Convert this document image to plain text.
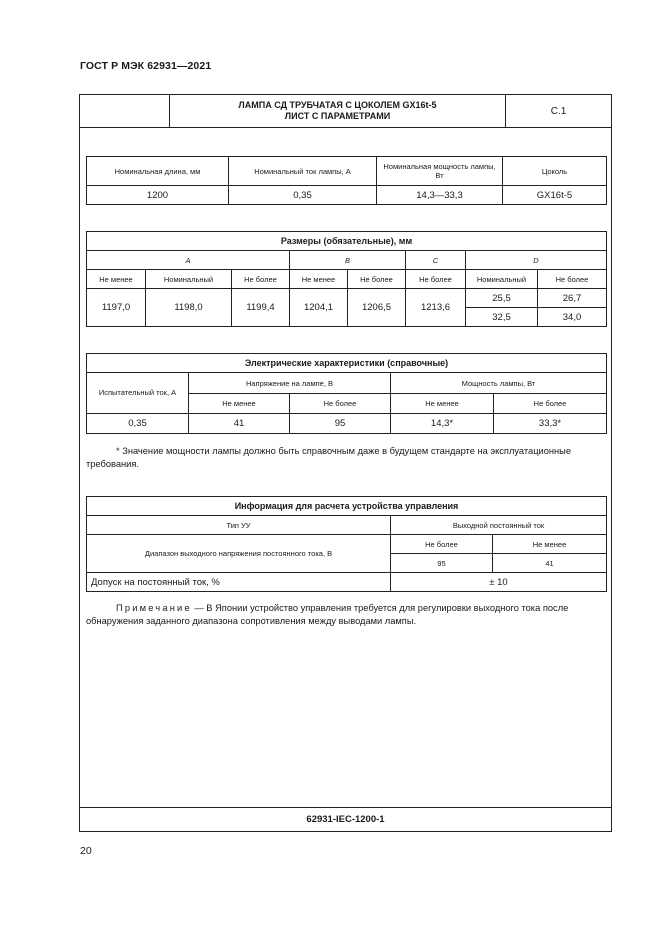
ГОСТ Р МЭК 62931—2021
ЛАМПА СД ТРУБЧАТАЯ С ЦОКОЛЕМ GX16t-5
ЛИСТ С ПАРАМЕТРАМИ	С.1
62931-IEC-1200-1
Номинальная длина, мм	Номинальный ток лампы, А	Номинальная мощность лампы, Вт	Цоколь
1200	0,35	14,3—33,3	GX16t-5
Размеры (обязательные), мм							
A			B		C	D	
Не менее	Номинальный	Не более	Не менее	Не более	Не более	Номинальный	Не более
1197,0	1198,0	1199,4	1204,1	1206,5	1213,6	25,5	26,7
						32,5	34,0
Электрические характеристики (справочные)				
Испытательный ток, А	Напряжение на лампе, В		Мощность лампы, Вт	
	Не менее	Не более	Не менее	Не более
0,35	41	95	14,3*	33,3*
* Значение мощности лампы должно быть справочным даже в будущем стандарте на эксплуатационные требования.
Информация для расчета устройства управления		
Тип УУ	Выходной постоянный ток	
Диапазон выходного напряжения постоянного тока, В	Не более	Не менее
	95	41
Допуск на постоянный ток, %	± 10	
Примечание — В Японии устройство управления требуется для регулировки выходного тока после обнаружения заданного диапазона сопротивления между выводами лампы.
20
